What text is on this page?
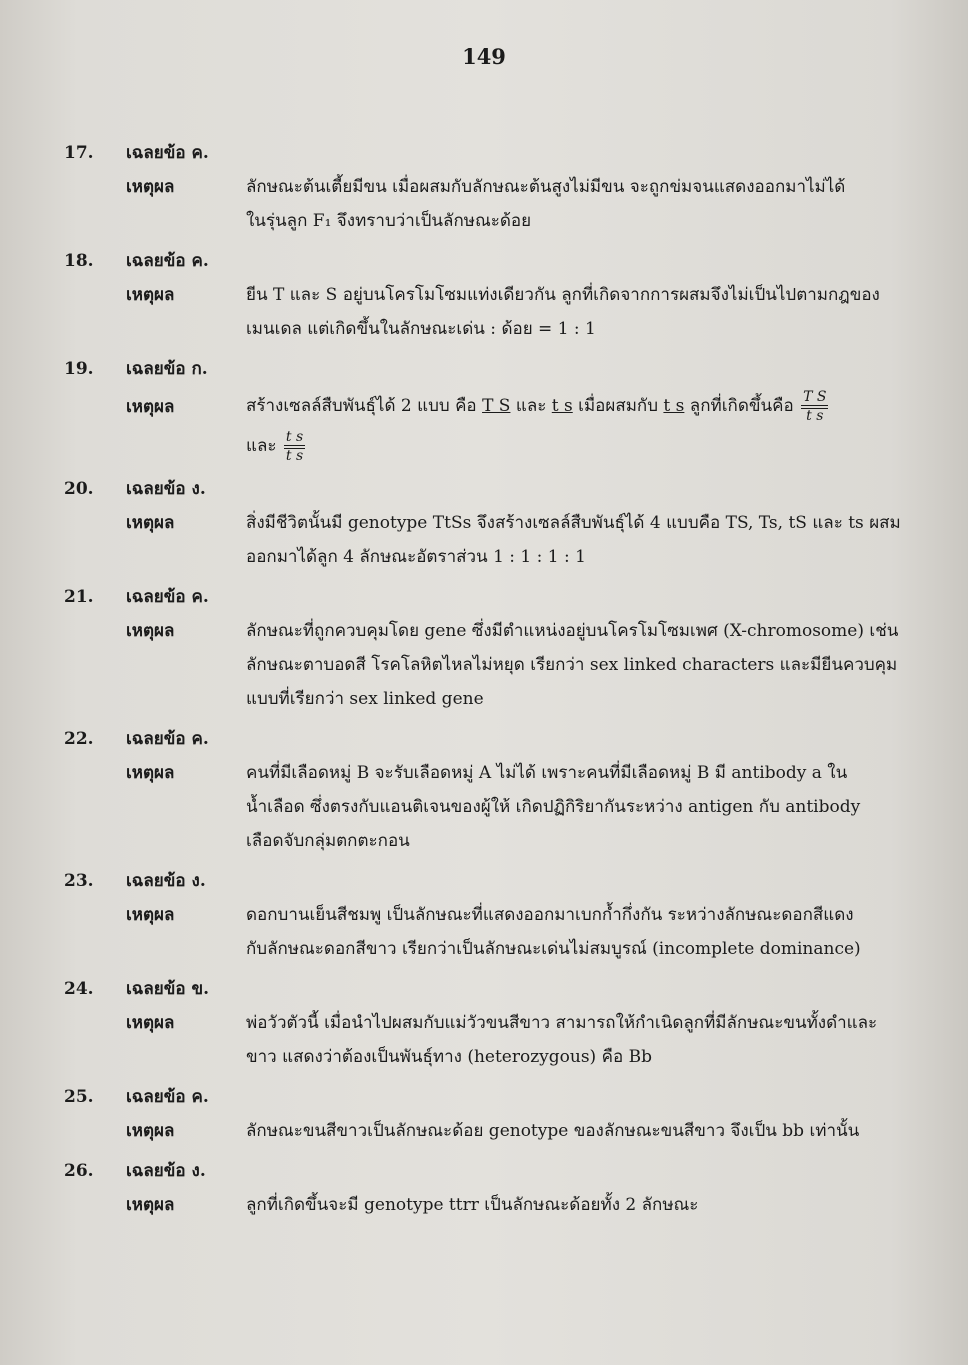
149
17.	เฉลยข้อ ค.
เหตุผล	ลักษณะต้นเตี้ยมีขน เมื่อผสมกับลักษณะต้นสูงไม่มีขน จะถูกข่มจนแสดงออกมาไม่ได้
ในรุ่นลูก F₁ จึงทราบว่าเป็นลักษณะด้อย
18.	เฉลยข้อ ค.
เหตุผล	ยีน T และ S อยู่บนโครโมโซมแท่งเดียวกัน ลูกที่เกิดจากการผสมจึงไม่เป็นไปตามกฎของ
เมนเดล แต่เกิดขึ้นในลักษณะเด่น : ด้อย = 1 : 1
19.	เฉลยข้อ ก.
เหตุผล	สร้างเซลล์สืบพันธุ์ได้ 2 แบบ คือ T S และ t s เมื่อผสมกับ t s ลูกที่เกิดขึ้นคือ $\frac{\text{T S}}{\text{t s}}$
และ $\frac{\text{t s}}{\text{t s}}$
20.	เฉลยข้อ ง.
เหตุผล	สิ่งมีชีวิตนั้นมี genotype TtSs จึงสร้างเซลล์สืบพันธุ์ได้ 4 แบบคือ TS, Ts, tS และ ts ผสม
ออกมาได้ลูก 4 ลักษณะอัตราส่วน 1 : 1 : 1 : 1
21.	เฉลยข้อ ค.
เหตุผล	ลักษณะที่ถูกควบคุมโดย gene ซึ่งมีตำแหน่งอยู่บนโครโมโซมเพศ (X-chromosome) เช่น
ลักษณะตาบอดสี โรคโลหิตไหลไม่หยุด เรียกว่า sex linked characters และมียีนควบคุม
แบบที่เรียกว่า sex linked gene
22.	เฉลยข้อ ค.
เหตุผล	คนที่มีเลือดหมู่ B จะรับเลือดหมู่ A ไม่ได้ เพราะคนที่มีเลือดหมู่ B มี antibody a ใน
น้ำเลือด ซึ่งตรงกับแอนติเจนของผู้ให้ เกิดปฏิกิริยากันระหว่าง antigen กับ antibody
เลือดจับกลุ่มตกตะกอน
23.	เฉลยข้อ ง.
เหตุผล	ดอกบานเย็นสีชมพู เป็นลักษณะที่แสดงออกมาเบกก้ำกึ่งกัน ระหว่างลักษณะดอกสีแดง
กับลักษณะดอกสีขาว เรียกว่าเป็นลักษณะเด่นไม่สมบูรณ์ (incomplete dominance)
24.	เฉลยข้อ ข.
เหตุผล	พ่อวัวตัวนี้ เมื่อนำไปผสมกับแม่วัวขนสีขาว สามารถให้กำเนิดลูกที่มีลักษณะขนทั้งดำและ
ขาว แสดงว่าต้องเป็นพันธุ์ทาง (heterozygous) คือ Bb
25.	เฉลยข้อ ค.
เหตุผล	ลักษณะขนสีขาวเป็นลักษณะด้อย genotype ของลักษณะขนสีขาว จึงเป็น bb เท่านั้น
26.	เฉลยข้อ ง.
เหตุผล	ลูกที่เกิดขึ้นจะมี genotype ttrr เป็นลักษณะด้อยทั้ง 2 ลักษณะ
